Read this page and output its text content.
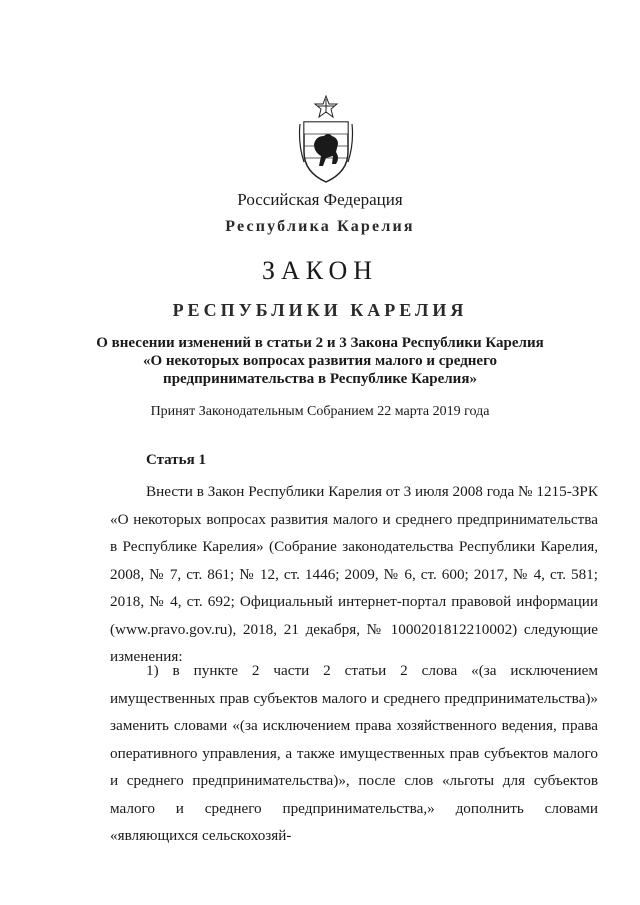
Российская Федерация
Республика Карелия
ЗАКОН
РЕСПУБЛИКИ КАРЕЛИЯ
О внесении изменений в статьи 2 и 3 Закона Республики Карелия
«О некоторых вопросах развития малого и среднего
предпринимательства в Республике Карелия»
Принят Законодательным Собранием 22 марта 2019 года
Статья 1
Внести в Закон Республики Карелия от 3 июля 2008 года № 1215-ЗРК «О некоторых вопросах развития малого и среднего предпринимательства в Республике Карелия» (Собрание законодательства Республики Карелия, 2008, № 7, ст. 861; № 12, ст. 1446; 2009, № 6, ст. 600; 2017, № 4, ст. 581; 2018, № 4, ст. 692; Официальный интернет-портал правовой информации (www.pravo.gov.ru), 2018, 21 декабря, № 1000201812210002) следующие изменения:
1) в пункте 2 части 2 статьи 2 слова «(за исключением имущественных прав субъектов малого и среднего предпринимательства)» заменить словами «(за исключением права хозяйственного ведения, права оперативного управления, а также имущественных прав субъектов малого и среднего предпринимательства)», после слов «льготы для субъектов малого и среднего предпринимательства,» дополнить словами «являющихся сельскохозяй-
